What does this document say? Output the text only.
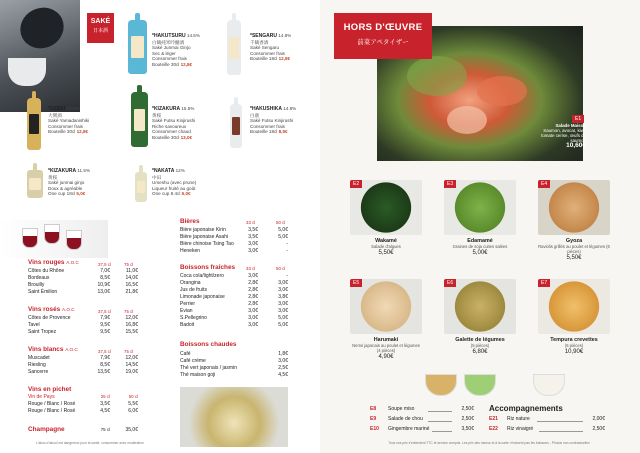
SAKÉ
日本酒
*HAKUTSURU 14.5%
白鶴純米吟醸酒
Saké Junmai Ginjo
Sec & léger
Consommer frais
Bouteille 30cl 12,8€
*SENGARU 14.8%
千鶴香酒
Saké Sengaru
Consommer frais
Bouteille 18cl 12,8€
*OZEKI 14.8%
大関酒
Saké Yamadanishiki
Consommer frais
Bouteille 30cl 12,8€
*KIZAKURA 15.5%
黄桜
Saké Futsu Kinjirushi
Riche savoureux
Consommer chaud
Bouteille 30cl 13,0€
*HAKUSHIKA 14.8%
白鹿
Saké Futsu Kinjirushi
Consommer frais
Bouteille 18cl 8,5€
*KIZAKURA 11.5%
黄桜
Saké junmai ginjo
Doux & agréable
One cup 18cl 5,0€
*NAKATA 12%
中田
Umeshu (avec prune)
Liqueur fruité au goût
One cup 8.4cl 5,0€
Vins rouges A.O.C	37,5 cl	75 cl
Côtes du Rhône	7,0€	11,0€
Bordeaux	8,5€	14,0€
Brouilly	10,9€	16,5€
Saint Émilion	13,0€	21,8€
Vins rosés A.O.C	37,5 cl	75 cl
Côtes de Provence	7,9€	12,0€
Tavel	9,5€	16,8€
Saint Tropez	9,5€	15,5€
Vins blancs A.O.C	37,5 cl	75 cl
Muscadet	7,9€	12,0€
Riesling	8,5€	14,5€
Sancerre	13,5€	19,0€
Vins en pichet
Vin de Pays	25 cl	50 cl
Rouge / Blanc / Rosé	3,5€	5,5€
Rouge / Blanc / Rosé	4,5€	6,0€
Champagne	75 cl	35,0€
L'abus d'alcool est dangereux pour la santé, consommer avec modération
Bières	33 cl	50 cl
Bière japonaise Kirin	3,5€	5,0€
Bière japonaise Asahi	3,5€	5,0€
Bière chinoise Tsing Tao	3,0€	-
Heneken	3,0€	-
Boissons fraîches 33 cl	50 cl
Coca cola/light/zero	3,0€	-
Orangina	2,8€	3,0€
Jus de fruits	2,8€	3,0€
Limonade japonaise	2,8€	3,8€
Perrier	2,8€	3,0€
Evian	3,0€	3,0€
S.Pellegrino	3,0€	5,0€
Badoit	3,0€	5,0€
Boissons chaudes
Café	1,8€
Café crème	3,0€
Thé vert japonais / jasmin	2,5€
Thé maison goji	4,5€
HORS D'ŒUVRE
前菜アペタイザー
E1
Salade Maison
Saumon, avocat, kiwi, tomate cerise, œufs de saumon
10,60€
E2
Wakamé
Salade d'algues
5,50€
E3
Edamamé
Graines de soja cuites salées
5,00€
E4
Gyoza
Raviolis grillés au poulet et légumes (6 pièces)
5,50€
E5
Harumaki
Nems japonais au poulet et légumes (4 pièces)
4,90€
E6
Galette de légumes
(5 pièces)
6,80€
E7
Tempura crevettes
(6 pièces)
10,90€
E8 Soupe miso	2,50€
E9 Salade de chou	2,50€
E10 Gingembre mariné	3,50€
Accompagnements
E21 Riz nature	2,00€
E22 Riz vinaigré	2,50€
Tous nos prix s'entendent TTC et service compris. Les prix des menus et à la carte n'incluent pas les boissons - Photos non contractuelles
